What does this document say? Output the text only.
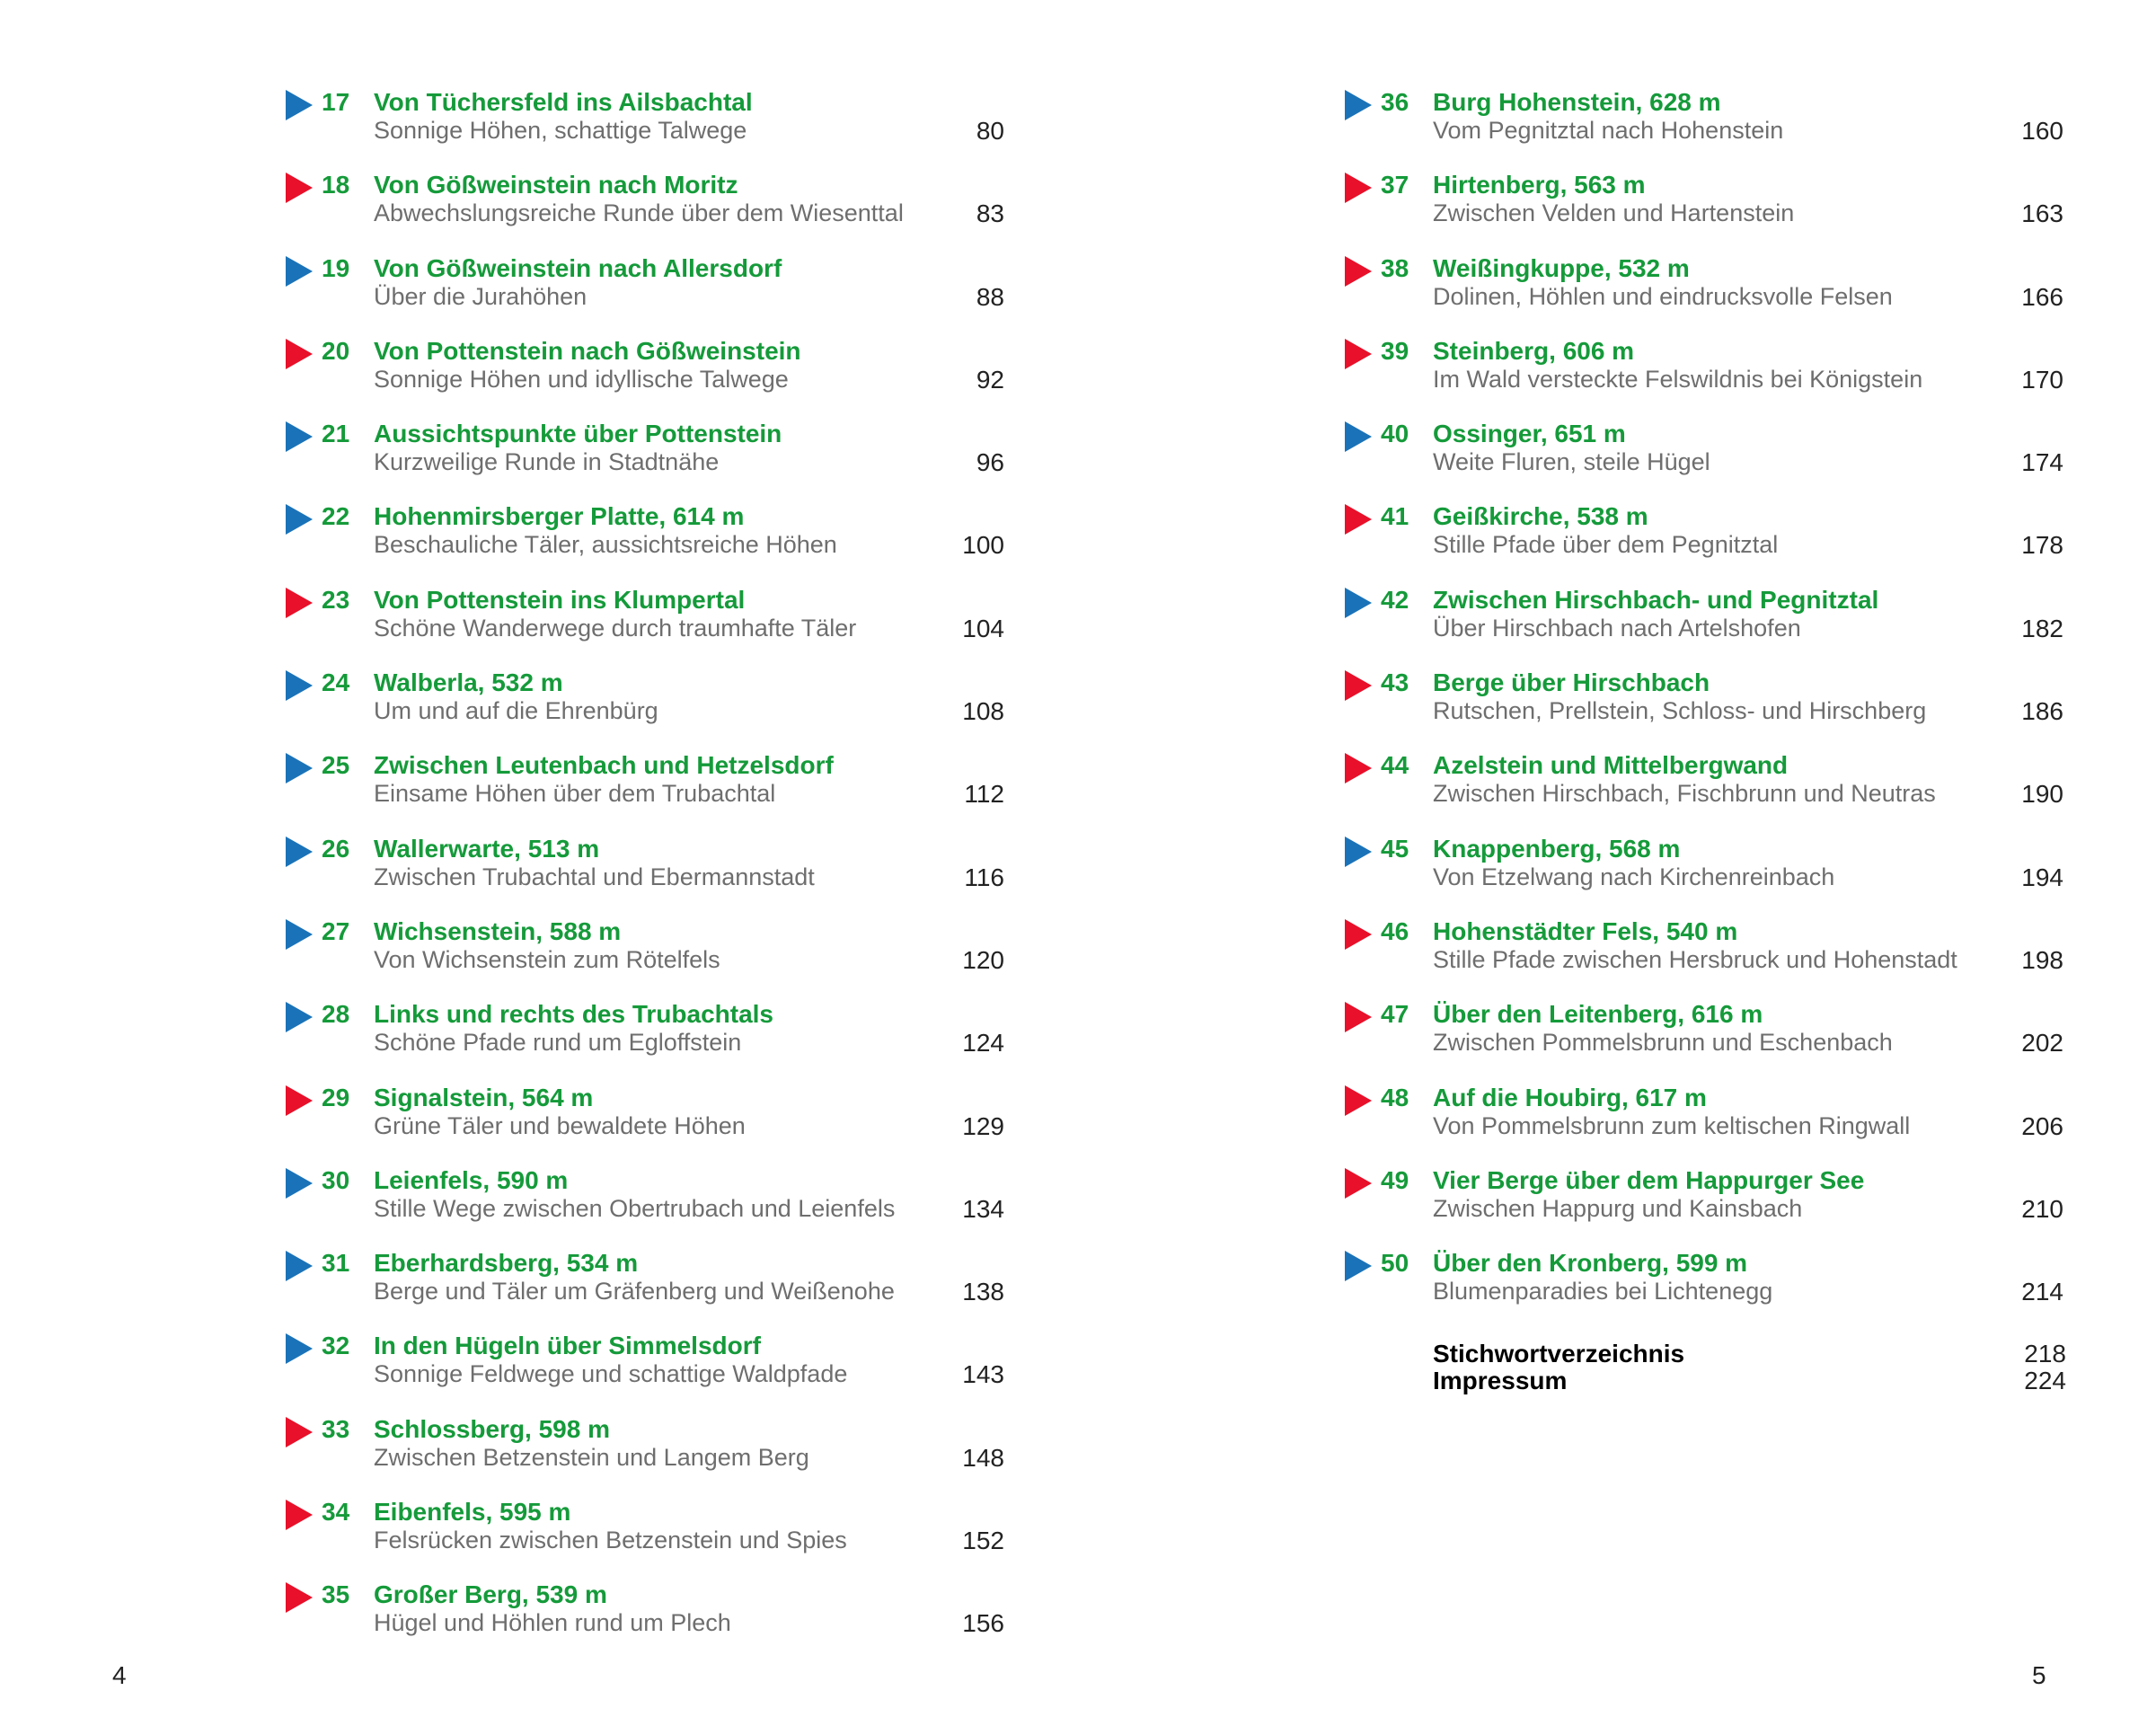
17 Von Tüchersfeld ins Ailsbachtal
Sonnige Höhen, schattige Talwege	80
18 Von Gößweinstein nach Moritz
Abwechslungsreiche Runde über dem Wiesenttal	83
19 Von Gößweinstein nach Allersdorf
Über die Jurahöhen	88
20 Von Pottenstein nach Gößweinstein
Sonnige Höhen und idyllische Talwege	92
21 Aussichtspunkte über Pottenstein
Kurzweilige Runde in Stadtnähe	96
22 Hohenmirsberger Platte, 614 m
Beschauliche Täler, aussichtsreiche Höhen	100
23 Von Pottenstein ins Klumpertal
Schöne Wanderwege durch traumhafte Täler	104
24 Walberla, 532 m
Um und auf die Ehrenbürg	108
25 Zwischen Leutenbach und Hetzelsdorf
Einsame Höhen über dem Trubachtal	112
26 Wallerwarte, 513 m
Zwischen Trubachtal und Ebermannstadt	116
27 Wichsenstein, 588 m
Von Wichsenstein zum Rötelfels	120
28 Links und rechts des Trubachtals
Schöne Pfade rund um Egloffstein	124
29 Signalstein, 564 m
Grüne Täler und bewaldete Höhen	129
30 Leienfels, 590 m
Stille Wege zwischen Obertrubach und Leienfels	134
31 Eberhardsberg, 534 m
Berge und Täler um Gräfenberg und Weißenohe	138
32 In den Hügeln über Simmelsdorf
Sonnige Feldwege und schattige Waldpfade	143
33 Schlossberg, 598 m
Zwischen Betzenstein und Langem Berg	148
34 Eibenfels, 595 m
Felsrücken zwischen Betzenstein und Spies	152
35 Großer Berg, 539 m
Hügel und Höhlen rund um Plech	156
36 Burg Hohenstein, 628 m
Vom Pegnitztal nach Hohenstein	160
37 Hirtenberg, 563 m
Zwischen Velden und Hartenstein	163
38 Weißingkuppe, 532 m
Dolinen, Höhlen und eindrucksvolle Felsen	166
39 Steinberg, 606 m
Im Wald versteckte Felswildnis bei Königstein	170
40 Ossinger, 651 m
Weite Fluren, steile Hügel	174
41 Geißkirche, 538 m
Stille Pfade über dem Pegnitztal	178
42 Zwischen Hirschbach- und Pegnitztal
Über Hirschbach nach Artelshofen	182
43 Berge über Hirschbach
Rutschen, Prellstein, Schloss- und Hirschberg	186
44 Azelstein und Mittelbergwand
Zwischen Hirschbach, Fischbrunn und Neutras	190
45 Knappenberg, 568 m
Von Etzelwang nach Kirchenreinbach	194
46 Hohenstädter Fels, 540 m
Stille Pfade zwischen Hersbruck und Hohenstadt	198
47 Über den Leitenberg, 616 m
Zwischen Pommelsbrunn und Eschenbach	202
48 Auf die Houbirg, 617 m
Von Pommelsbrunn zum keltischen Ringwall	206
49 Vier Berge über dem Happurger See
Zwischen Happurg und Kainsbach	210
50 Über den Kronberg, 599 m
Blumenparadies bei Lichtenegg	214
Stichwortverzeichnis	218
Impressum	224
4	5
